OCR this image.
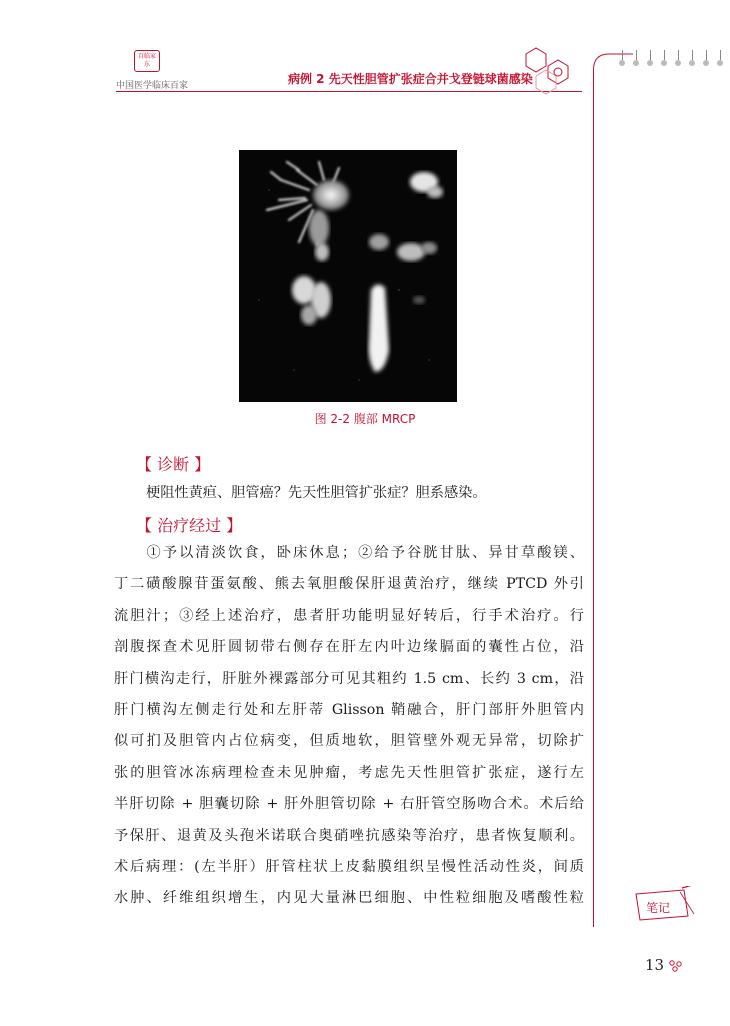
百临家东
中国医学临床百家	病例 2 先天性胆管扩张症合并戈登链球菌感染
图 2-2 腹部 MRCP
【 诊断 】

梗阻性黄疸、胆管癌？先天性胆管扩张症？胆系感染。

【 治疗经过 】

　　①予以清淡饮食，卧床休息；②给予谷胱甘肽、异甘草酸镁、

丁二磺酸腺苷蛋氨酸、熊去氧胆酸保肝退黄治疗，继续 PTCD 外引

流胆汁；③经上述治疗，患者肝功能明显好转后，行手术治疗。行

剖腹探查术见肝圆韧带右侧存在肝左内叶边缘膈面的囊性占位，沿

肝门横沟走行，肝脏外裸露部分可见其粗约 1.5 cm、长约 3 cm，沿

肝门横沟左侧走行处和左肝蒂 Glisson 鞘融合，肝门部肝外胆管内

似可扪及胆管内占位病变，但质地软，胆管壁外观无异常，切除扩

张的胆管冰冻病理检查未见肿瘤，考虑先天性胆管扩张症，遂行左

半肝切除 + 胆囊切除 + 肝外胆管切除 + 右肝管空肠吻合术。术后给

予保肝、退黄及头孢米诺联合奥硝唑抗感染等治疗，患者恢复顺利。

术后病理：(左半肝）肝管柱状上皮黏膜组织呈慢性活动性炎，间质

水肿、纤维组织增生，内见大量淋巴细胞、中性粒细胞及嗜酸性粒

笔记
13
